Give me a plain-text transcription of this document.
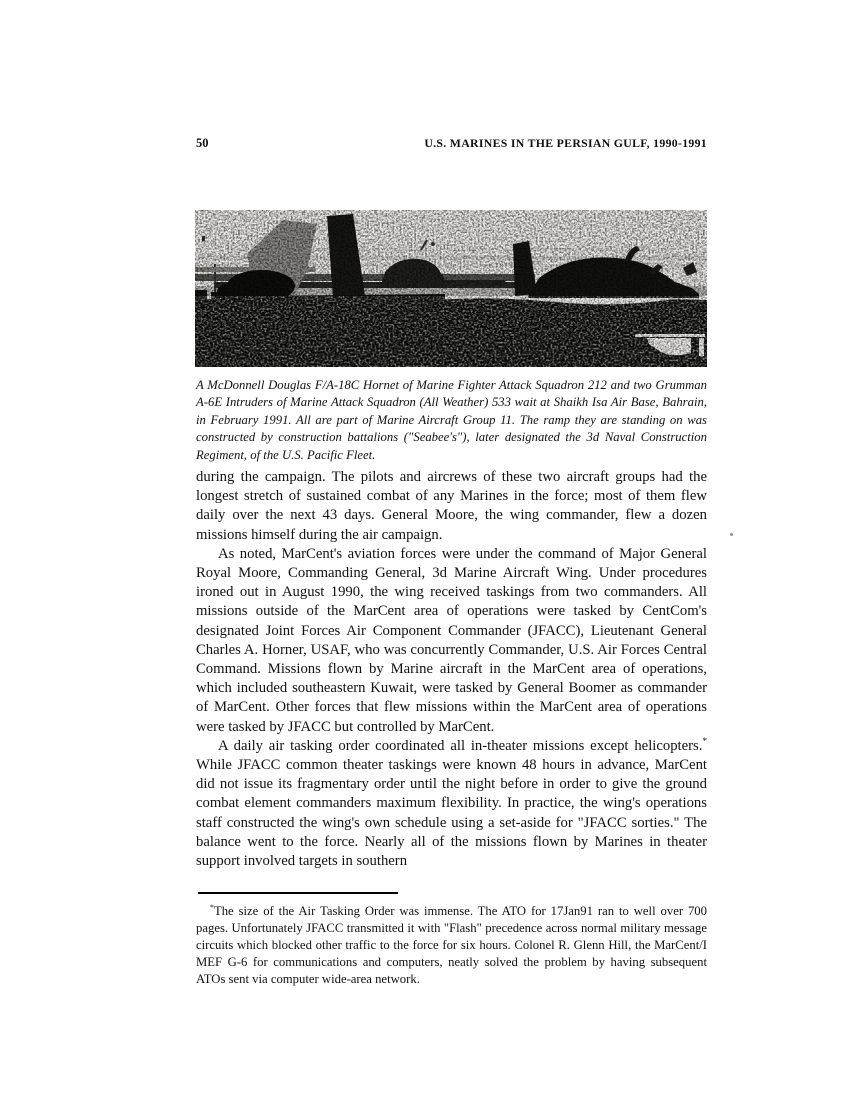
50	U.S. MARINES IN THE PERSIAN GULF, 1990-1991
A McDonnell Douglas F/A-18C Hornet of Marine Fighter Attack Squadron 212 and two Grumman A-6E Intruders of Marine Attack Squadron (All Weather) 533 wait at Shaikh Isa Air Base, Bahrain, in February 1991. All are part of Marine Aircraft Group 11. The ramp they are standing on was constructed by construction battalions ("Seabee's"), later designated the 3d Naval Construction Regiment, of the U.S. Pacific Fleet.

during the campaign. The pilots and aircrews of these two aircraft groups had the longest stretch of sustained combat of any Marines in the force; most of them flew daily over the next 43 days. General Moore, the wing commander, flew a dozen missions himself during the air campaign.

As noted, MarCent's aviation forces were under the command of Major General Royal Moore, Commanding General, 3d Marine Aircraft Wing. Under procedures ironed out in August 1990, the wing received taskings from two commanders. All missions outside of the MarCent area of operations were tasked by CentCom's designated Joint Forces Air Component Commander (JFACC), Lieutenant General Charles A. Horner, USAF, who was concurrently Commander, U.S. Air Forces Central Command. Missions flown by Marine aircraft in the MarCent area of operations, which included southeastern Kuwait, were tasked by General Boomer as commander of MarCent. Other forces that flew missions within the MarCent area of operations were tasked by JFACC but controlled by MarCent.

A daily air tasking order coordinated all in-theater missions except helicopters.* While JFACC common theater taskings were known 48 hours in advance, MarCent did not issue its fragmentary order until the night before in order to give the ground combat element commanders maximum flexibility. In practice, the wing's operations staff constructed the wing's own schedule using a set-aside for "JFACC sorties." The balance went to the force. Nearly all of the missions flown by Marines in theater support involved targets in southern

*The size of the Air Tasking Order was immense. The ATO for 17Jan91 ran to well over 700 pages. Unfortunately JFACC transmitted it with "Flash" precedence across normal military message circuits which blocked other traffic to the force for six hours. Colonel R. Glenn Hill, the MarCent/I MEF G-6 for communications and computers, neatly solved the problem by having subsequent ATOs sent via computer wide-area network.
